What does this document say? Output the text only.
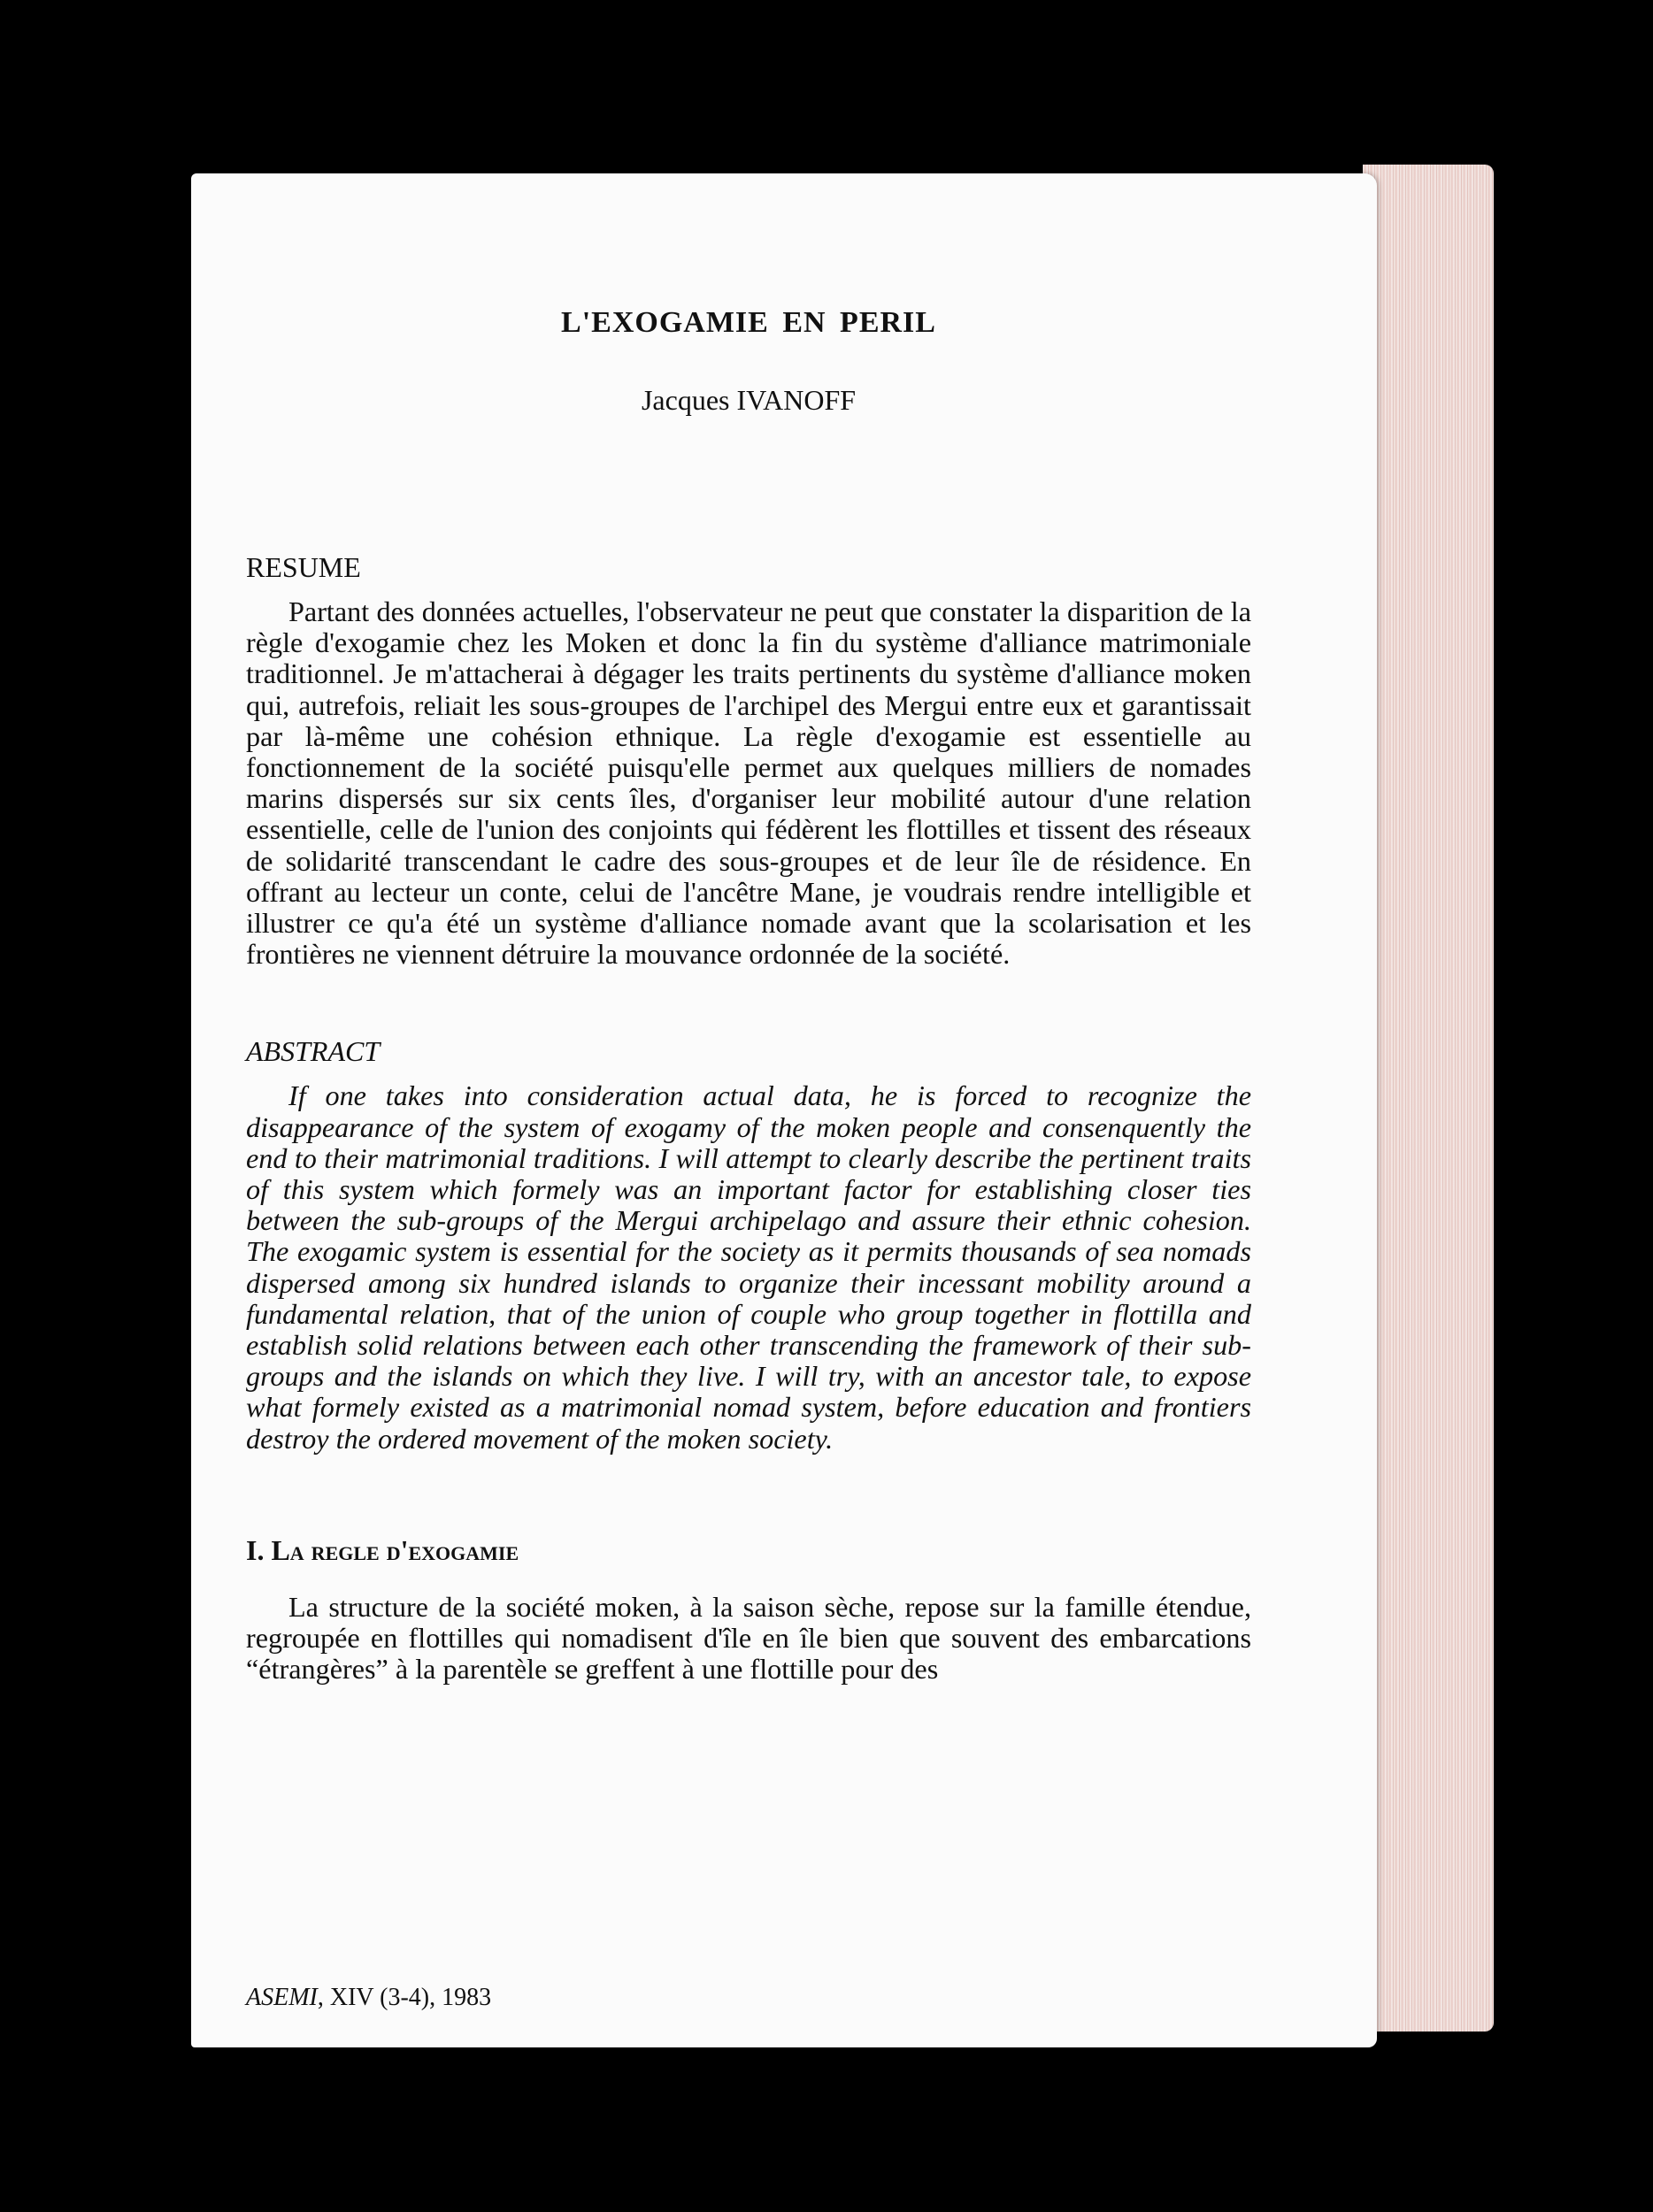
L'EXOGAMIE EN PERIL
Jacques IVANOFF
RESUME

Partant des données actuelles, l'observateur ne peut que constater la disparition de la règle d'exogamie chez les Moken et donc la fin du système d'alliance matrimoniale traditionnel. Je m'attacherai à dégager les traits pertinents du système d'alliance moken qui, autrefois, reliait les sous-groupes de l'archipel des Mergui entre eux et garantissait par là-même une cohésion ethnique. La règle d'exogamie est essentielle au fonctionnement de la société puisqu'elle permet aux quelques milliers de nomades marins dispersés sur six cents îles, d'organiser leur mobilité autour d'une relation essentielle, celle de l'union des conjoints qui fédèrent les flottilles et tissent des réseaux de solidarité transcendant le cadre des sous-groupes et de leur île de résidence. En offrant au lecteur un conte, celui de l'ancêtre Mane, je voudrais rendre intelligible et illustrer ce qu'a été un système d'alliance nomade avant que la scolarisation et les frontières ne viennent détruire la mouvance ordonnée de la société.

ABSTRACT

If one takes into consideration actual data, he is forced to recognize the disappearance of the system of exogamy of the moken people and consenquently the end to their matrimonial traditions. I will attempt to clearly describe the pertinent traits of this system which formely was an important factor for establishing closer ties between the sub-groups of the Mergui archipelago and assure their ethnic cohesion. The exogamic system is essential for the society as it permits thousands of sea nomads dispersed among six hundred islands to organize their incessant mobility around a fundamental relation, that of the union of couple who group together in flottilla and establish solid relations between each other transcending the framework of their sub-groups and the islands on which they live. I will try, with an ancestor tale, to expose what formely existed as a matrimonial nomad system, before education and frontiers destroy the ordered movement of the moken society.

I. La regle d'exogamie

La structure de la société moken, à la saison sèche, repose sur la famille étendue, regroupée en flottilles qui nomadisent d'île en île bien que souvent des embarcations “étrangères” à la parentèle se greffent à une flottille pour des

ASEMI, XIV (3-4), 1983
